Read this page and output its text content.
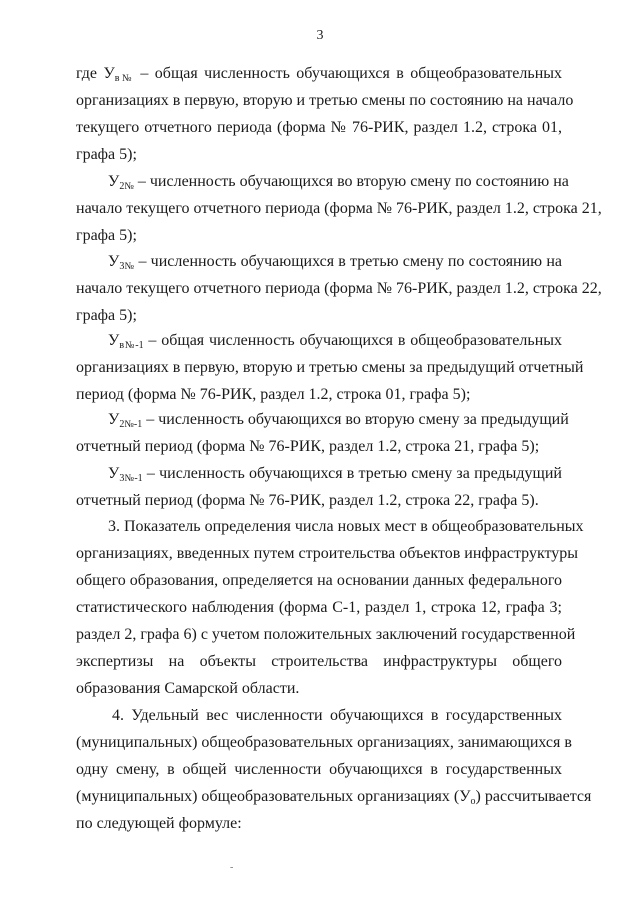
3
где $У_{в№}$ – общая численность обучающихся в общеобразовательных
организациях в первую, вторую и третью смены по состоянию на начало
текущего отчетного периода (форма № 76-РИК, раздел 1.2, строка 01,
графа 5);
$У_{2№}$ – численность обучающихся во вторую смену по состоянию на
начало текущего отчетного периода (форма № 76-РИК, раздел 1.2, строка 21,
графа 5);
$У_{3№}$ – численность обучающихся в третью смену по состоянию на
начало текущего отчетного периода (форма № 76-РИК, раздел 1.2, строка 22,
графа 5);
$У_{в№-1}$ – общая численность обучающихся в общеобразовательных
организациях в первую, вторую и третью смены за предыдущий отчетный
период (форма № 76-РИК, раздел 1.2, строка 01, графа 5);
$У_{2№-1}$ – численность обучающихся во вторую смену за предыдущий
отчетный период (форма № 76-РИК, раздел 1.2, строка 21, графа 5);
$У_{3№-1}$ – численность обучающихся в третью смену за предыдущий
отчетный период (форма № 76-РИК, раздел 1.2, строка 22, графа 5).
3. Показатель определения числа новых мест в общеобразовательных
организациях, введенных путем строительства объектов инфраструктуры
общего образования, определяется на основании данных федерального
статистического наблюдения (форма С-1, раздел 1, строка 12, графа 3;
раздел 2, графа 6) с учетом положительных заключений государственной
экспертизы на объекты строительства инфраструктуры общего
образования Самарской области.
4. Удельный вес численности обучающихся в государственных
(муниципальных) общеобразовательных организациях, занимающихся в
одну смену, в общей численности обучающихся в государственных
(муниципальных) общеобразовательных организациях $(У_о)$ рассчитывается
по следующей формуле:
-
